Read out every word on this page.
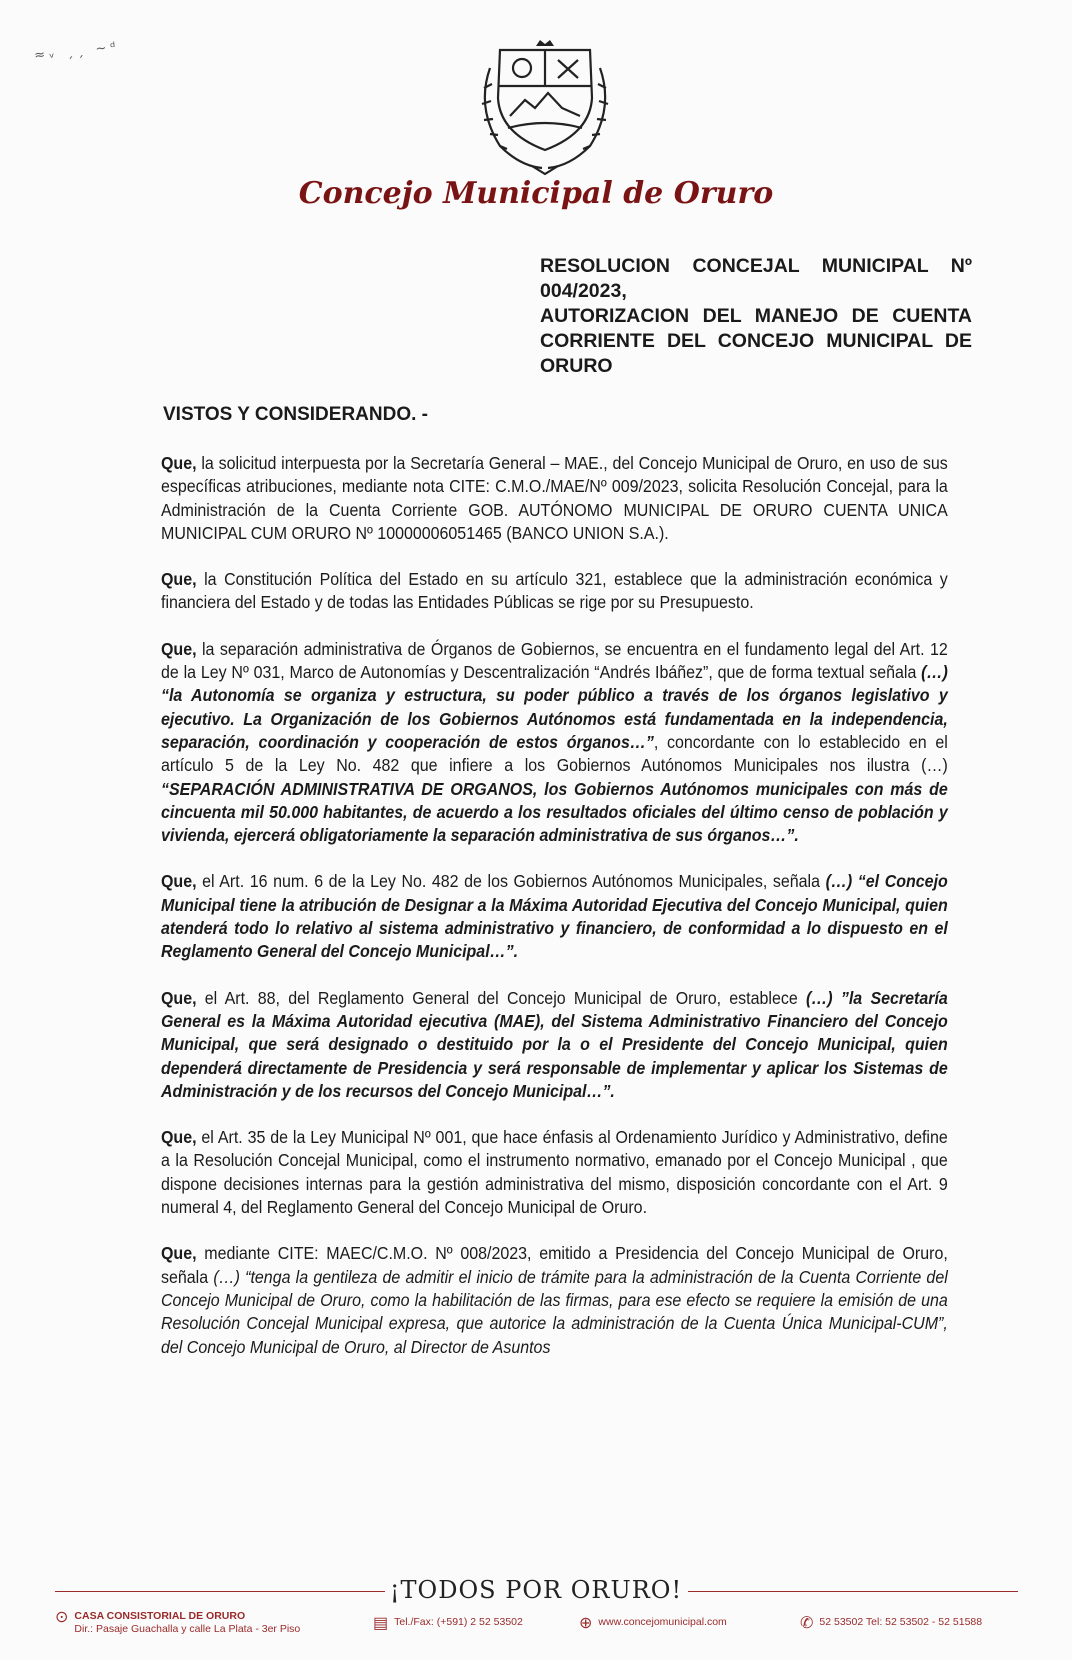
≈ᵥ ˏˏ ~ᵈ
Concejo Municipal de Oruro
RESOLUCION CONCEJAL MUNICIPAL Nº 004/2023,
AUTORIZACION DEL MANEJO DE CUENTA
CORRIENTE DEL CONCEJO MUNICIPAL DE
ORURO
VISTOS Y CONSIDERANDO. -

Que, la solicitud interpuesta por la Secretaría General – MAE., del Concejo Municipal de Oruro, en uso de sus específicas atribuciones, mediante nota CITE: C.M.O./MAE/Nº 009/2023, solicita Resolución Concejal, para la Administración de la Cuenta Corriente GOB. AUTÓNOMO MUNICIPAL DE ORURO CUENTA UNICA MUNICIPAL CUM ORURO Nº 10000006051465 (BANCO UNION S.A.).

Que, la Constitución Política del Estado en su artículo 321, establece que la administración económica y financiera del Estado y de todas las Entidades Públicas se rige por su Presupuesto.

Que, la separación administrativa de Órganos de Gobiernos, se encuentra en el fundamento legal del Art. 12 de la Ley Nº 031, Marco de Autonomías y Descentralización “Andrés Ibáñez”, que de forma textual señala (…) “la Autonomía se organiza y estructura, su poder público a través de los órganos legislativo y ejecutivo. La Organización de los Gobiernos Autónomos está fundamentada en la independencia, separación, coordinación y cooperación de estos órganos…”, concordante con lo establecido en el artículo 5 de la Ley No. 482 que infiere a los Gobiernos Autónomos Municipales nos ilustra (…) “SEPARACIÓN ADMINISTRATIVA DE ORGANOS, los Gobiernos Autónomos municipales con más de cincuenta mil 50.000 habitantes, de acuerdo a los resultados oficiales del último censo de población y vivienda, ejercerá obligatoriamente la separación administrativa de sus órganos…”.

Que, el Art. 16 num. 6 de la Ley No. 482 de los Gobiernos Autónomos Municipales, señala (…) “el Concejo Municipal tiene la atribución de Designar a la Máxima Autoridad Ejecutiva del Concejo Municipal, quien atenderá todo lo relativo al sistema administrativo y financiero, de conformidad a lo dispuesto en el Reglamento General del Concejo Municipal…”.

Que, el Art. 88, del Reglamento General del Concejo Municipal de Oruro, establece (…) ”la Secretaría General es la Máxima Autoridad ejecutiva (MAE), del Sistema Administrativo Financiero del Concejo Municipal, que será designado o destituido por la o el Presidente del Concejo Municipal, quien dependerá directamente de Presidencia y será responsable de implementar y aplicar los Sistemas de Administración y de los recursos del Concejo Municipal…”.

Que, el Art. 35 de la Ley Municipal Nº 001, que hace énfasis al Ordenamiento Jurídico y Administrativo, define a la Resolución Concejal Municipal, como el instrumento normativo, emanado por el Concejo Municipal , que dispone decisiones internas para la gestión administrativa del mismo, disposición concordante con el Art. 9 numeral 4, del Reglamento General del Concejo Municipal de Oruro.

Que, mediante CITE: MAEC/C.M.O. Nº 008/2023, emitido a Presidencia del Concejo Municipal de Oruro, señala (…) “tenga la gentileza de admitir el inicio de trámite para la administración de la Cuenta Corriente del Concejo Municipal de Oruro, como la habilitación de las firmas, para ese efecto se requiere la emisión de una Resolución Concejal Municipal expresa, que autorice la administración de la Cuenta Única Municipal-CUM”, del Concejo Municipal de Oruro, al Director de Asuntos

¡TODOS POR ORURO!
⊙ CASA CONSISTORIAL DE ORURO
Dir.: Pasaje Guachalla y calle La Plata - 3er Piso	▤ Tel./Fax: (+591) 2 52 53502	⊕ www.concejomunicipal.com	✆ 52 53502 Tel: 52 53502 - 52 51588
